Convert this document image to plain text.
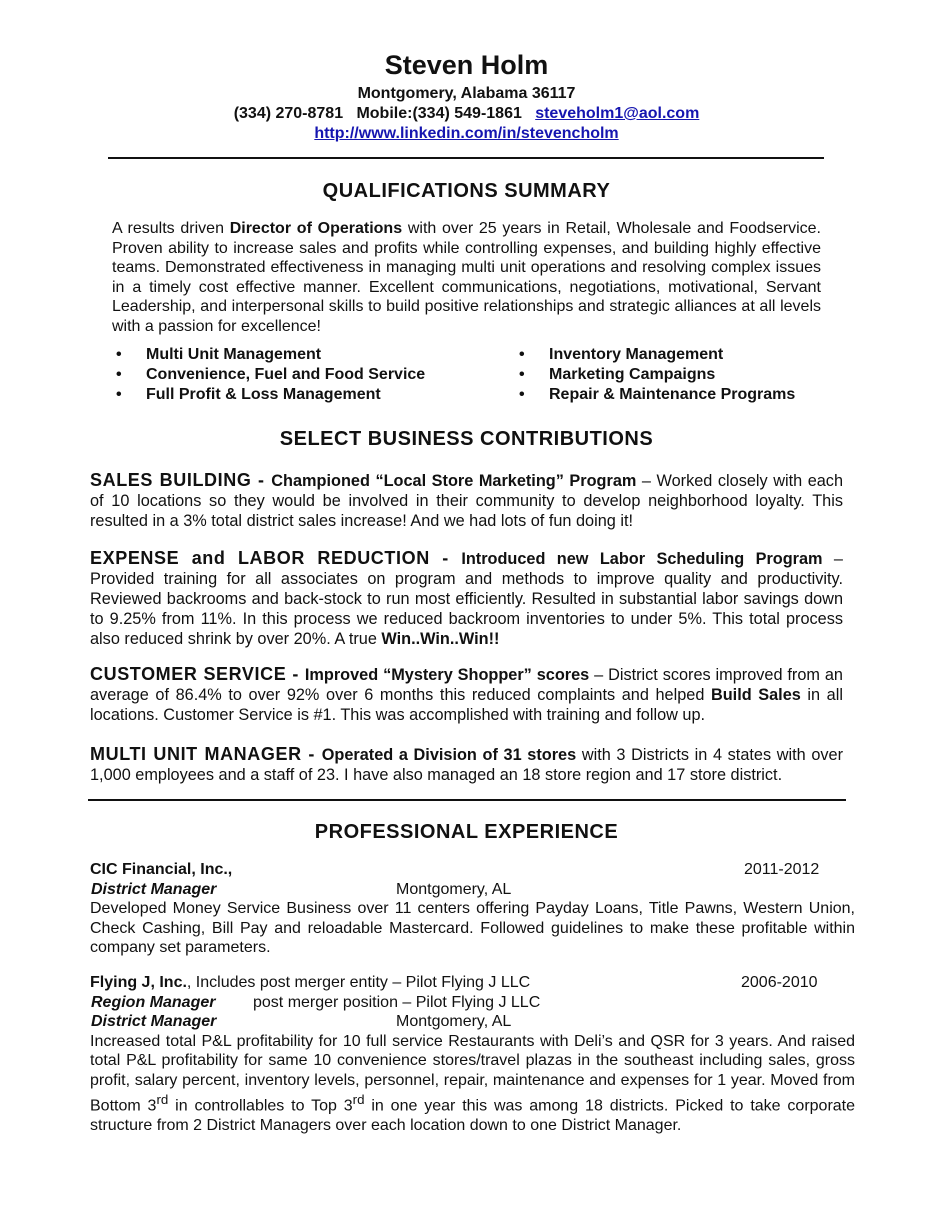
Steven Holm
Montgomery, Alabama 36117
(334) 270-8781 Mobile:(334) 549-1861 steveholm1@aol.com
http://www.linkedin.com/in/stevencholm
QUALIFICATIONS SUMMARY
A results driven Director of Operations with over 25 years in Retail, Wholesale and Foodservice. Proven ability to increase sales and profits while controlling expenses, and building highly effective teams. Demonstrated effectiveness in managing multi unit operations and resolving complex issues in a timely cost effective manner. Excellent communications, negotiations, motivational, Servant Leadership, and interpersonal skills to build positive relationships and strategic alliances at all levels with a passion for excellence!
• Multi Unit Management
• Convenience, Fuel and Food Service
• Full Profit & Loss Management
• Inventory Management
• Marketing Campaigns
• Repair & Maintenance Programs
SELECT BUSINESS CONTRIBUTIONS
SALES BUILDING - Championed “Local Store Marketing” Program – Worked closely with each of 10 locations so they would be involved in their community to develop neighborhood loyalty. This resulted in a 3% total district sales increase! And we had lots of fun doing it!
EXPENSE and LABOR REDUCTION - Introduced new Labor Scheduling Program – Provided training for all associates on program and methods to improve quality and productivity. Reviewed backrooms and back-stock to run most efficiently. Resulted in substantial labor savings down to 9.25% from 11%. In this process we reduced backroom inventories to under 5%. This total process also reduced shrink by over 20%. A true Win..Win..Win!!
CUSTOMER SERVICE - Improved “Mystery Shopper” scores – District scores improved from an average of 86.4% to over 92% over 6 months this reduced complaints and helped Build Sales in all locations. Customer Service is #1. This was accomplished with training and follow up.
MULTI UNIT MANAGER - Operated a Division of 31 stores with 3 Districts in 4 states with over 1,000 employees and a staff of 23. I have also managed an 18 store region and 17 store district.
PROFESSIONAL EXPERIENCE
CIC Financial, Inc.,	2011-2012
District Manager	Montgomery, AL
Developed Money Service Business over 11 centers offering Payday Loans, Title Pawns, Western Union, Check Cashing, Bill Pay and reloadable Mastercard. Followed guidelines to make these profitable within company set parameters.
Flying J, Inc. , Includes post merger entity – Pilot Flying J LLC	2006-2010
Region Manager post merger position – Pilot Flying J LLC
District Manager	Montgomery, AL
Increased total P&L profitability for 10 full service Restaurants with Deli’s and QSR for 3 years. And raised total P&L profitability for same 10 convenience stores/travel plazas in the southeast including sales, gross profit, salary percent, inventory levels, personnel, repair, maintenance and expenses for 1 year. Moved from Bottom 3rd in controllables to Top 3rd in one year this was among 18 districts. Picked to take corporate structure from 2 District Managers over each location down to one District Manager.
